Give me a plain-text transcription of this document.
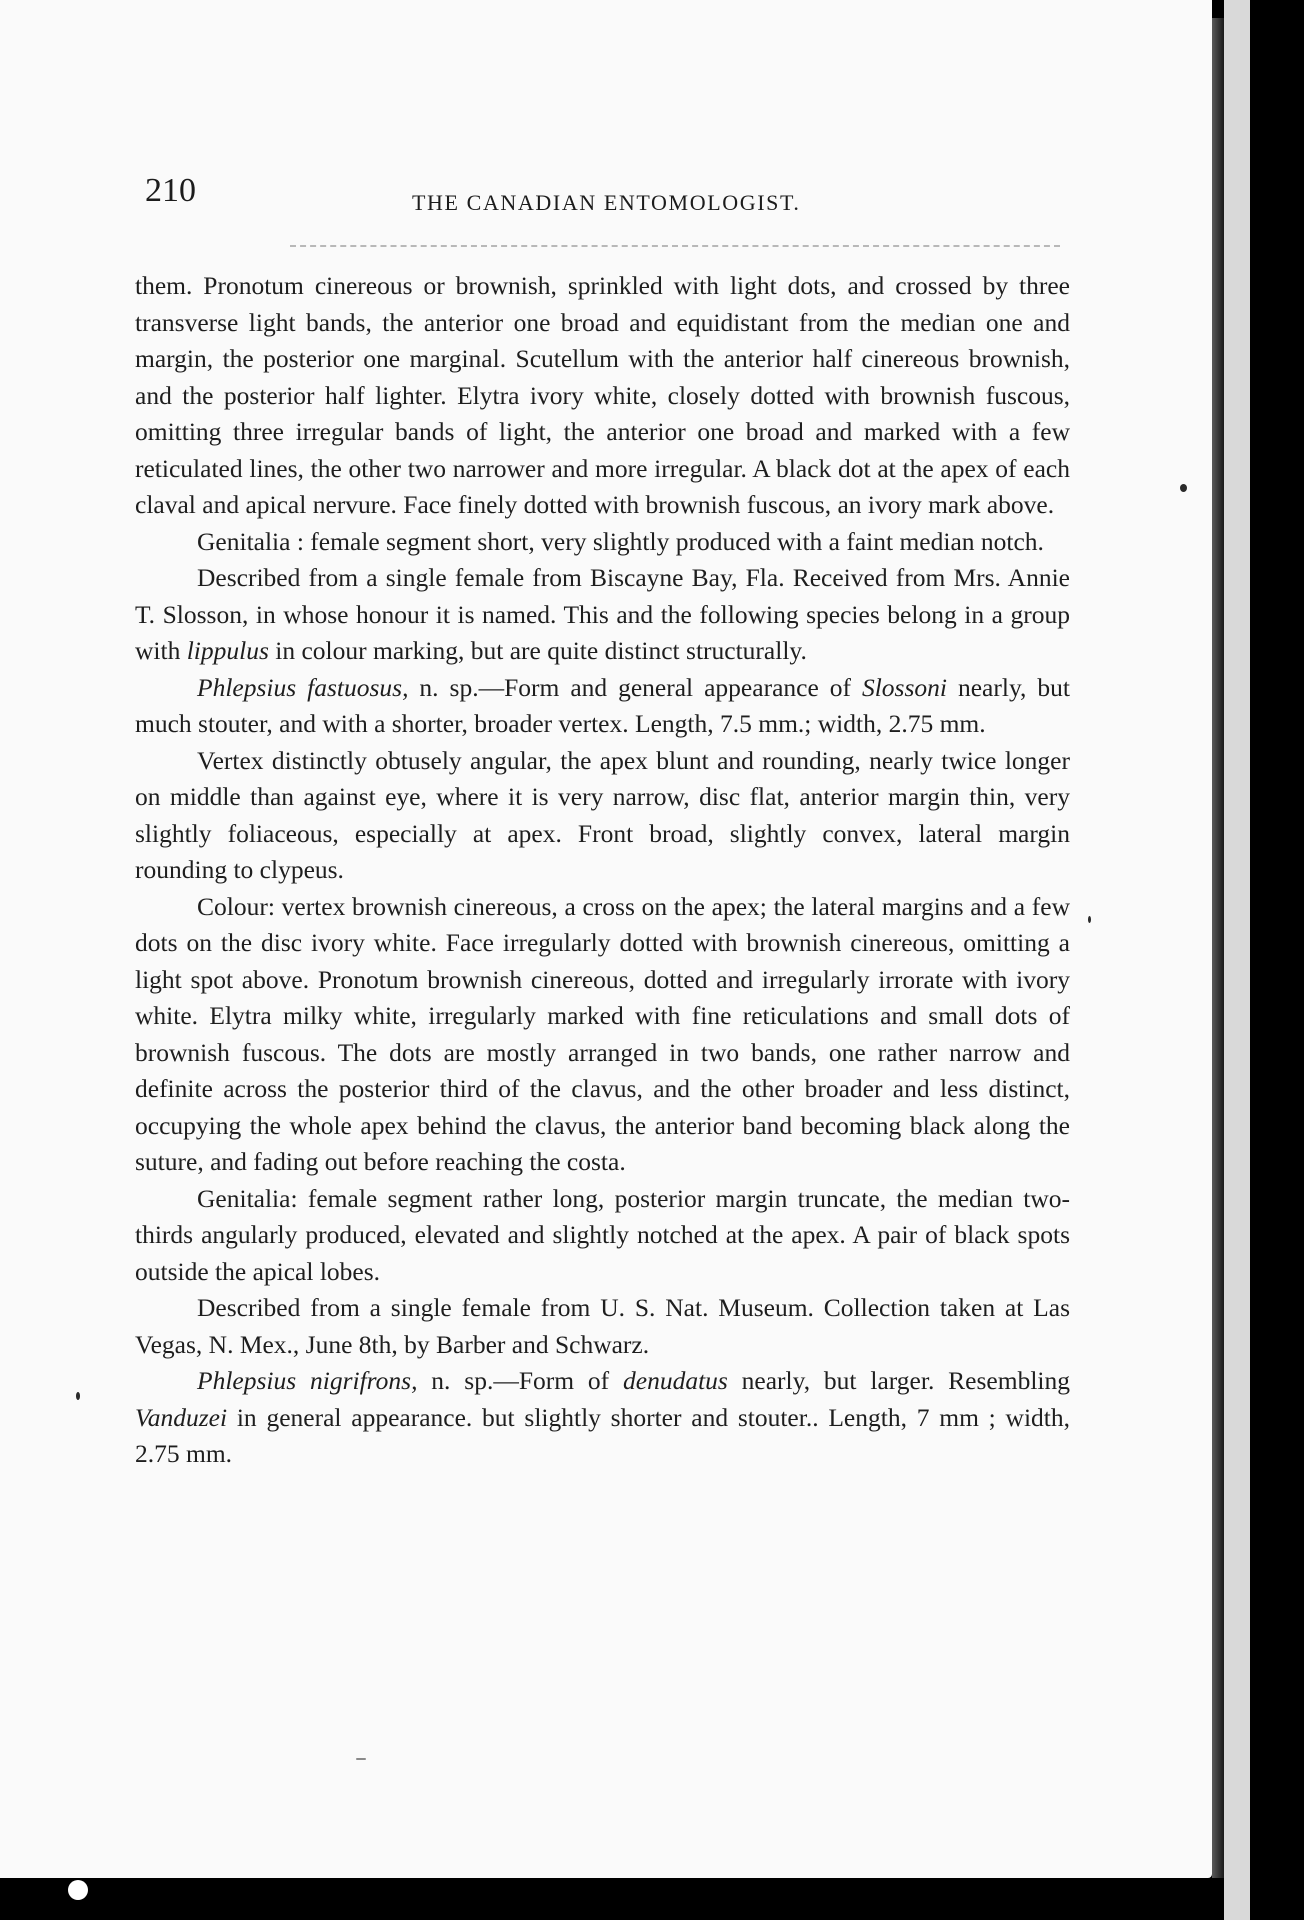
210	THE CANADIAN ENTOMOLOGIST.

them. Pronotum cinereous or brownish, sprinkled with light dots, and crossed by three transverse light bands, the anterior one broad and equidistant from the median one and margin, the posterior one marginal. Scutellum with the anterior half cinereous brownish, and the posterior half lighter. Elytra ivory white, closely dotted with brownish fuscous, omitting three irregular bands of light, the anterior one broad and marked with a few reticulated lines, the other two narrower and more irregular. A black dot at the apex of each claval and apical nervure. Face finely dotted with brownish fuscous, an ivory mark above.

Genitalia : female segment short, very slightly produced with a faint median notch.

Described from a single female from Biscayne Bay, Fla. Received from Mrs. Annie T. Slosson, in whose honour it is named. This and the following species belong in a group with lippulus in colour marking, but are quite distinct structurally.

Phlepsius fastuosus, n. sp.—Form and general appearance of Slossoni nearly, but much stouter, and with a shorter, broader vertex. Length, 7.5 mm.; width, 2.75 mm.

Vertex distinctly obtusely angular, the apex blunt and rounding, nearly twice longer on middle than against eye, where it is very narrow, disc flat, anterior margin thin, very slightly foliaceous, especially at apex. Front broad, slightly convex, lateral margin rounding to clypeus.

Colour: vertex brownish cinereous, a cross on the apex; the lateral margins and a few dots on the disc ivory white. Face irregularly dotted with brownish cinereous, omitting a light spot above. Pronotum brownish cinereous, dotted and irregularly irrorate with ivory white. Elytra milky white, irregularly marked with fine reticulations and small dots of brownish fuscous. The dots are mostly arranged in two bands, one rather narrow and definite across the posterior third of the clavus, and the other broader and less distinct, occupying the whole apex behind the clavus, the anterior band becoming black along the suture, and fading out before reaching the costa.

Genitalia: female segment rather long, posterior margin truncate, the median two-thirds angularly produced, elevated and slightly notched at the apex. A pair of black spots outside the apical lobes.

Described from a single female from U. S. Nat. Museum. Collection taken at Las Vegas, N. Mex., June 8th, by Barber and Schwarz.

Phlepsius nigrifrons, n. sp.—Form of denudatus nearly, but larger. Resembling Vanduzei in general appearance. but slightly shorter and stouter.. Length, 7 mm ; width, 2.75 mm.
